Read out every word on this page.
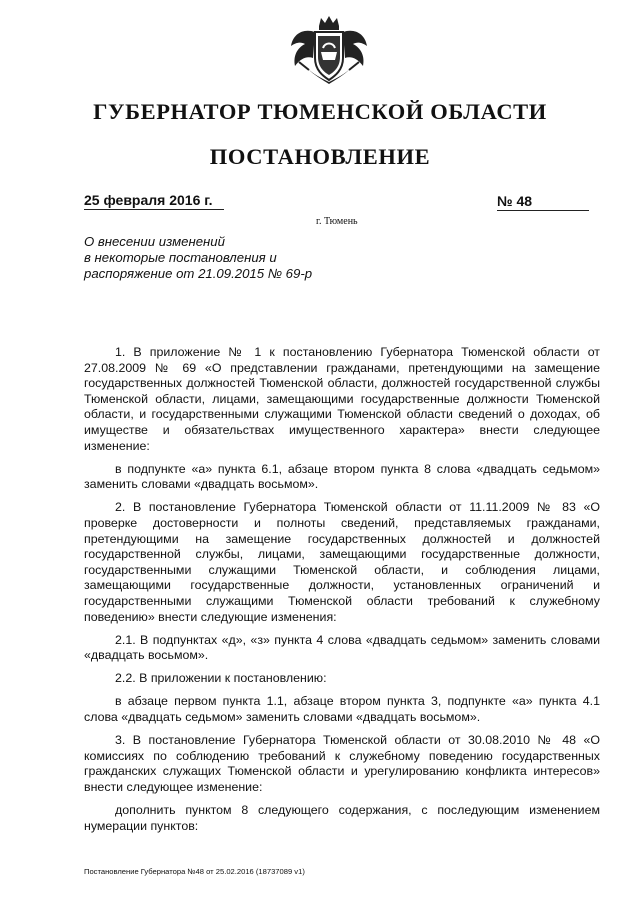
ГУБЕРНАТОР ТЮМЕНСКОЙ ОБЛАСТИ
ПОСТАНОВЛЕНИЕ
25 февраля 2016 г.	№ 48
г. Тюмень
О внесении изменений
в некоторые постановления и
распоряжение от 21.09.2015 № 69-р

1. В приложение № 1 к постановлению Губернатора Тюменской области от 27.08.2009 № 69 «О представлении гражданами, претендующими на замещение государственных должностей Тюменской области, должностей государственной службы Тюменской области, лицами, замещающими государственные должности Тюменской области, и государственными служащими Тюменской области сведений о доходах, об имуществе и обязательствах имущественного характера» внести следующее изменение:

в подпункте «а» пункта 6.1, абзаце втором пункта 8 слова «двадцать седьмом» заменить словами «двадцать восьмом».

2. В постановление Губернатора Тюменской области от 11.11.2009 № 83 «О проверке достоверности и полноты сведений, представляемых гражданами, претендующими на замещение государственных должностей и должностей государственной службы, лицами, замещающими государственные должности, государственными служащими Тюменской области, и соблюдения лицами, замещающими государственные должности, установленных ограничений и государственными служащими Тюменской области требований к служебному поведению» внести следующие изменения:

2.1. В подпунктах «д», «з» пункта 4 слова «двадцать седьмом» заменить словами «двадцать восьмом».

2.2. В приложении к постановлению:

в абзаце первом пункта 1.1, абзаце втором пункта 3, подпункте «а» пункта 4.1 слова «двадцать седьмом» заменить словами «двадцать восьмом».

3. В постановление Губернатора Тюменской области от 30.08.2010 № 48 «О комиссиях по соблюдению требований к служебному поведению государственных гражданских служащих Тюменской области и урегулированию конфликта интересов» внести следующее изменение:

дополнить пунктом 8 следующего содержания, с последующим изменением нумерации пунктов:

Постановление Губернатора №48 от 25.02.2016 (18737089 v1)
